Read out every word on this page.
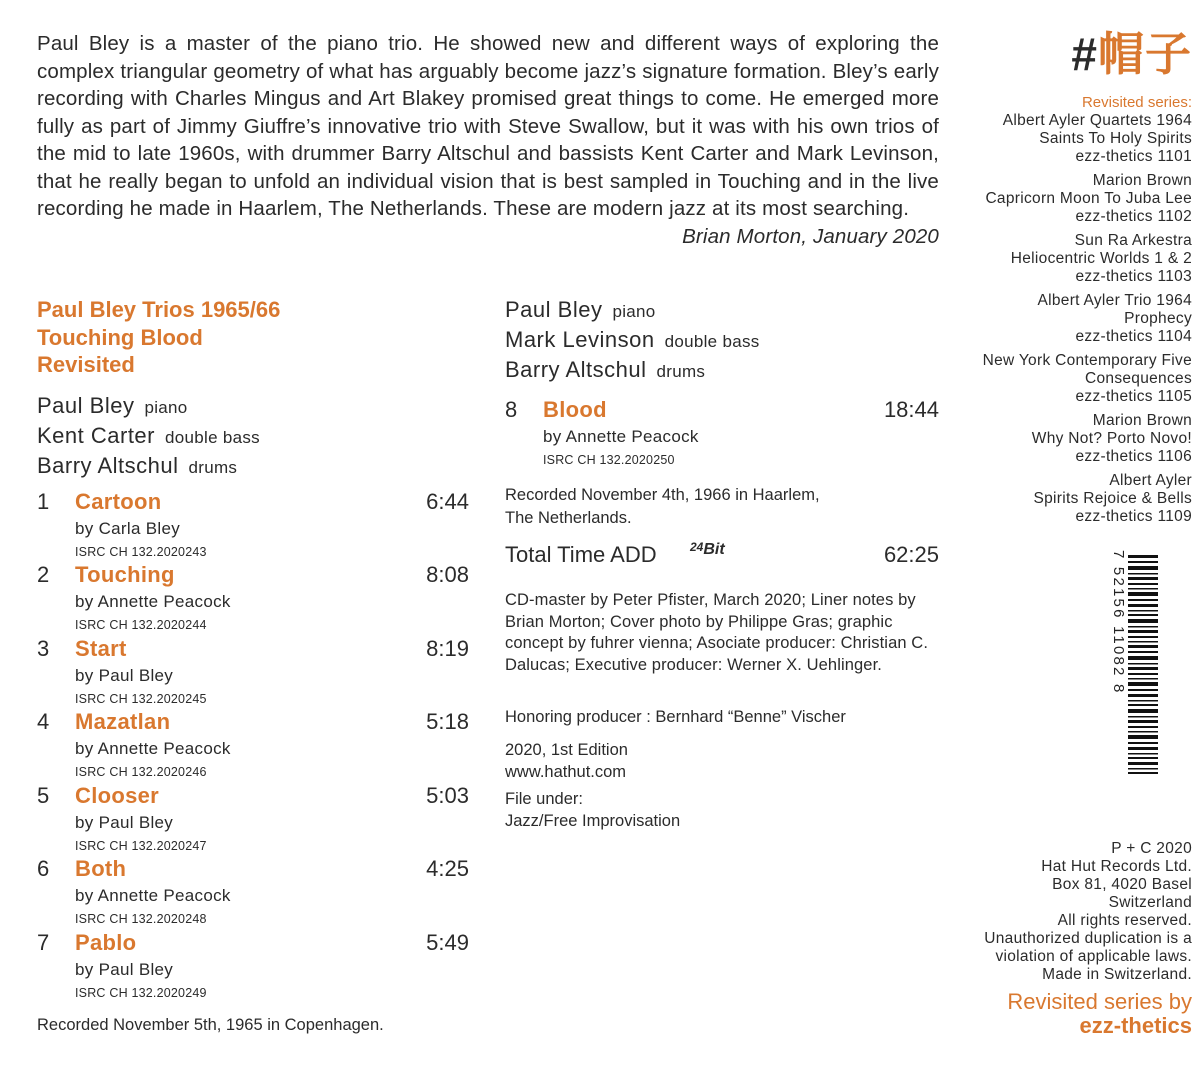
Paul Bley is a master of the piano trio. He showed new and different ways of exploring the complex triangular geometry of what has arguably become jazz’s signature formation. Bley’s early recording with Charles Mingus and Art Blakey promised great things to come. He emerged more fully as part of Jimmy Giuffre’s innovative trio with Steve Swallow, but it was with his own trios of the mid to late 1960s, with drummer Barry Altschul and bassists Kent Carter and Mark Levinson, that he really began to unfold an individual vision that is best sampled in Touching and in the live recording he made in Haarlem, The Netherlands. These are modern jazz at its most searching.
Brian Morton, January 2020
Paul Bley Trios 1965/66
Touching Blood
Revisited
Paul Bley piano
Kent Carter double bass
Barry Altschul drums
Paul Bley piano
Mark Levinson double bass
Barry Altschul drums
1 Cartoon	6:44
by Carla Bley
ISRC CH 132.2020243
2 Touching	8:08
by Annette Peacock
ISRC CH 132.2020244
3 Start	8:19
by Paul Bley
ISRC CH 132.2020245
4 Mazatlan	5:18
by Annette Peacock
ISRC CH 132.2020246
5 Clooser	5:03
by Paul Bley
ISRC CH 132.2020247
6 Both	4:25
by Annette Peacock
ISRC CH 132.2020248
7 Pablo	5:49
by Paul Bley
ISRC CH 132.2020249
Recorded November 5th, 1965 in Copenhagen.
8 Blood	18:44
by Annette Peacock
ISRC CH 132.2020250
Recorded November 4th, 1966 in Haarlem,
The Netherlands.
Total Time ADD	24Bit	62:25
CD-master by Peter Pfister, March 2020; Liner notes by Brian Morton; Cover photo by Philippe Gras; graphic concept by fuhrer vienna; Asociate producer: Christian C. Dalucas; Executive producer: Werner X. Uehlinger.
Honoring producer : Bernhard “Benne” Vischer
2020, 1st Edition
www.hathut.com
File under:
Jazz/Free Improvisation
#帽子
Revisited series:
Albert Ayler Quartets 1964
Saints To Holy Spirits
ezz-thetics 1101
Marion Brown
Capricorn Moon To Juba Lee
ezz-thetics 1102
Sun Ra Arkestra
Heliocentric Worlds 1 & 2
ezz-thetics 1103
Albert Ayler Trio 1964
Prophecy
ezz-thetics 1104
New York Contemporary Five
Consequences
ezz-thetics 1105
Marion Brown
Why Not? Porto Novo!
ezz-thetics 1106
Albert Ayler
Spirits Rejoice & Bells
ezz-thetics 1109
7 52156 11082 8
P + C 2020
Hat Hut Records Ltd.
Box 81, 4020 Basel
Switzerland
All rights reserved.
Unauthorized duplication is a
violation of applicable laws.
Made in Switzerland.
Revisited series by
ezz-thetics
